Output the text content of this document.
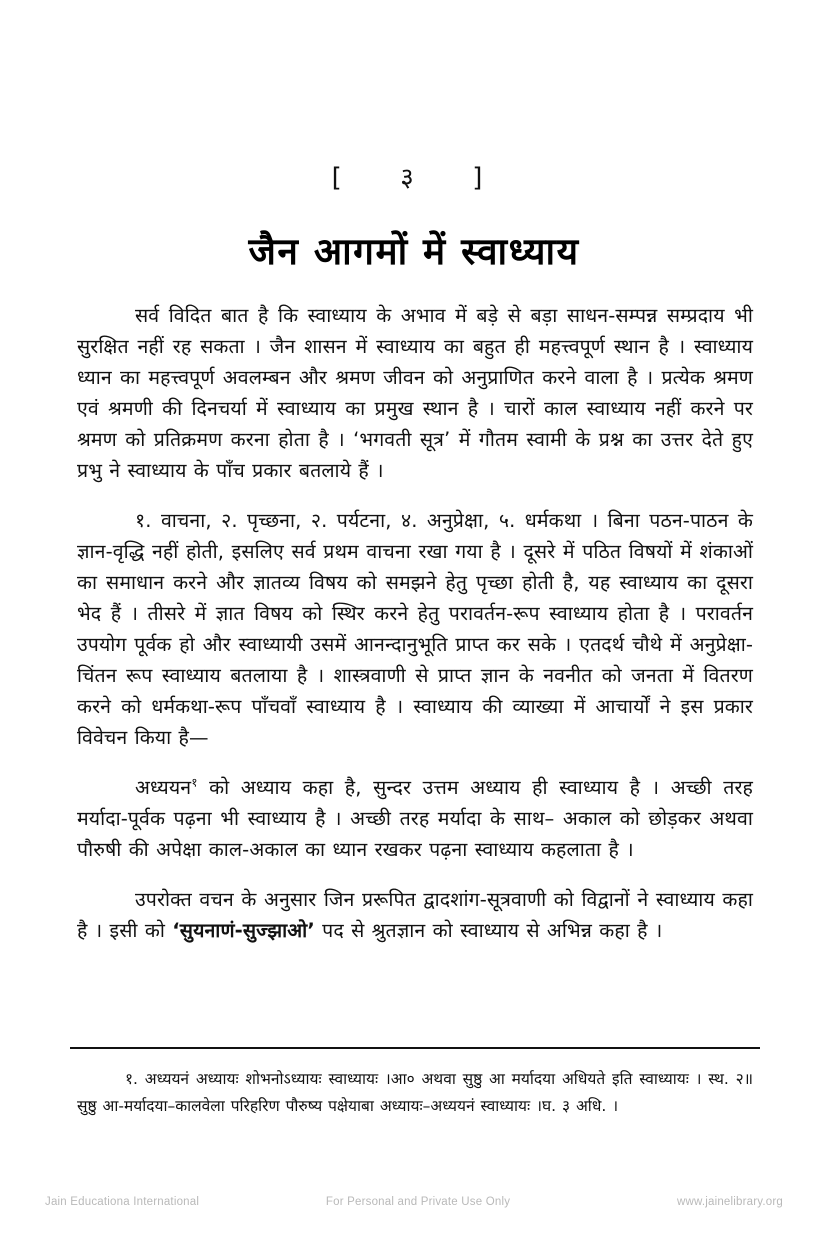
[  ३  ]
जैन आगमों में स्वाध्याय

सर्व विदित बात है कि स्वाध्याय के अभाव में बड़े से बड़ा साधन-सम्पन्न सम्प्रदाय भी सुरक्षित नहीं रह सकता । जैन शासन में स्वाध्याय का बहुत ही महत्त्वपूर्ण स्थान है । स्वाध्याय ध्यान का महत्त्वपूर्ण अवलम्बन और श्रमण जीवन को अनुप्राणित करने वाला है । प्रत्येक श्रमण एवं श्रमणी की दिनचर्या में स्वाध्याय का प्रमुख स्थान है । चारों काल स्वाध्याय नहीं करने पर श्रमण को प्रतिक्रमण करना होता है । ‘भगवती सूत्र’ में गौतम स्वामी के प्रश्न का उत्तर देते हुए प्रभु ने स्वाध्याय के पाँच प्रकार बतलाये हैं ।

१. वाचना, २. पृच्छना, २. पर्यटना, ४. अनुप्रेक्षा, ५. धर्मकथा । बिना पठन-पाठन के ज्ञान-वृद्धि नहीं होती, इसलिए सर्व प्रथम वाचना रखा गया है । दूसरे में पठित विषयों में शंकाओं का समाधान करने और ज्ञातव्य विषय को समझने हेतु पृच्छा होती है, यह स्वाध्याय का दूसरा भेद हैं । तीसरे में ज्ञात विषय को स्थिर करने हेतु परावर्तन-रूप स्वाध्याय होता है । परावर्तन उपयोग पूर्वक हो और स्वाध्यायी उसमें आनन्दानुभूति प्राप्त कर सके । एतदर्थ चौथे में अनुप्रेक्षा-चिंतन रूप स्वाध्याय बतलाया है । शास्त्रवाणी से प्राप्त ज्ञान के नवनीत को जनता में वितरण करने को धर्मकथा-रूप पाँचवाँ स्वाध्याय है । स्वाध्याय की व्याख्या में आचार्यों ने इस प्रकार विवेचन किया है—

अध्ययन$^१$ को अध्याय कहा है, सुन्दर उत्तम अध्याय ही स्वाध्याय है । अच्छी तरह मर्यादा-पूर्वक पढ़ना भी स्वाध्याय है । अच्छी तरह मर्यादा के साथ– अकाल को छोड़कर अथवा पौरुषी की अपेक्षा काल-अकाल का ध्यान रखकर पढ़ना स्वाध्याय कहलाता है ।

उपरोक्त वचन के अनुसार जिन प्ररूपित द्वादशांग-सूत्रवाणी को विद्वानों ने स्वाध्याय कहा है । इसी को ‘सुयनाणं-सुज्झाओ’ पद से श्रुतज्ञान को स्वाध्याय से अभिन्न कहा है ।

१. अध्ययनं अध्यायः शोभनोऽध्यायः स्वाध्यायः ।आ० अथवा सुष्ठु आ मर्यादया अधियते इति स्वाध्यायः । स्थ. २॥ सुष्ठु आ-मर्यादया–कालवेला परिहरिण पौरुष्य पक्षेयाबा अध्यायः–अध्ययनं स्वाध्यायः ।घ. ३ अधि. ।

Jain Educationa International	For Personal and Private Use Only	www.jainelibrary.org
